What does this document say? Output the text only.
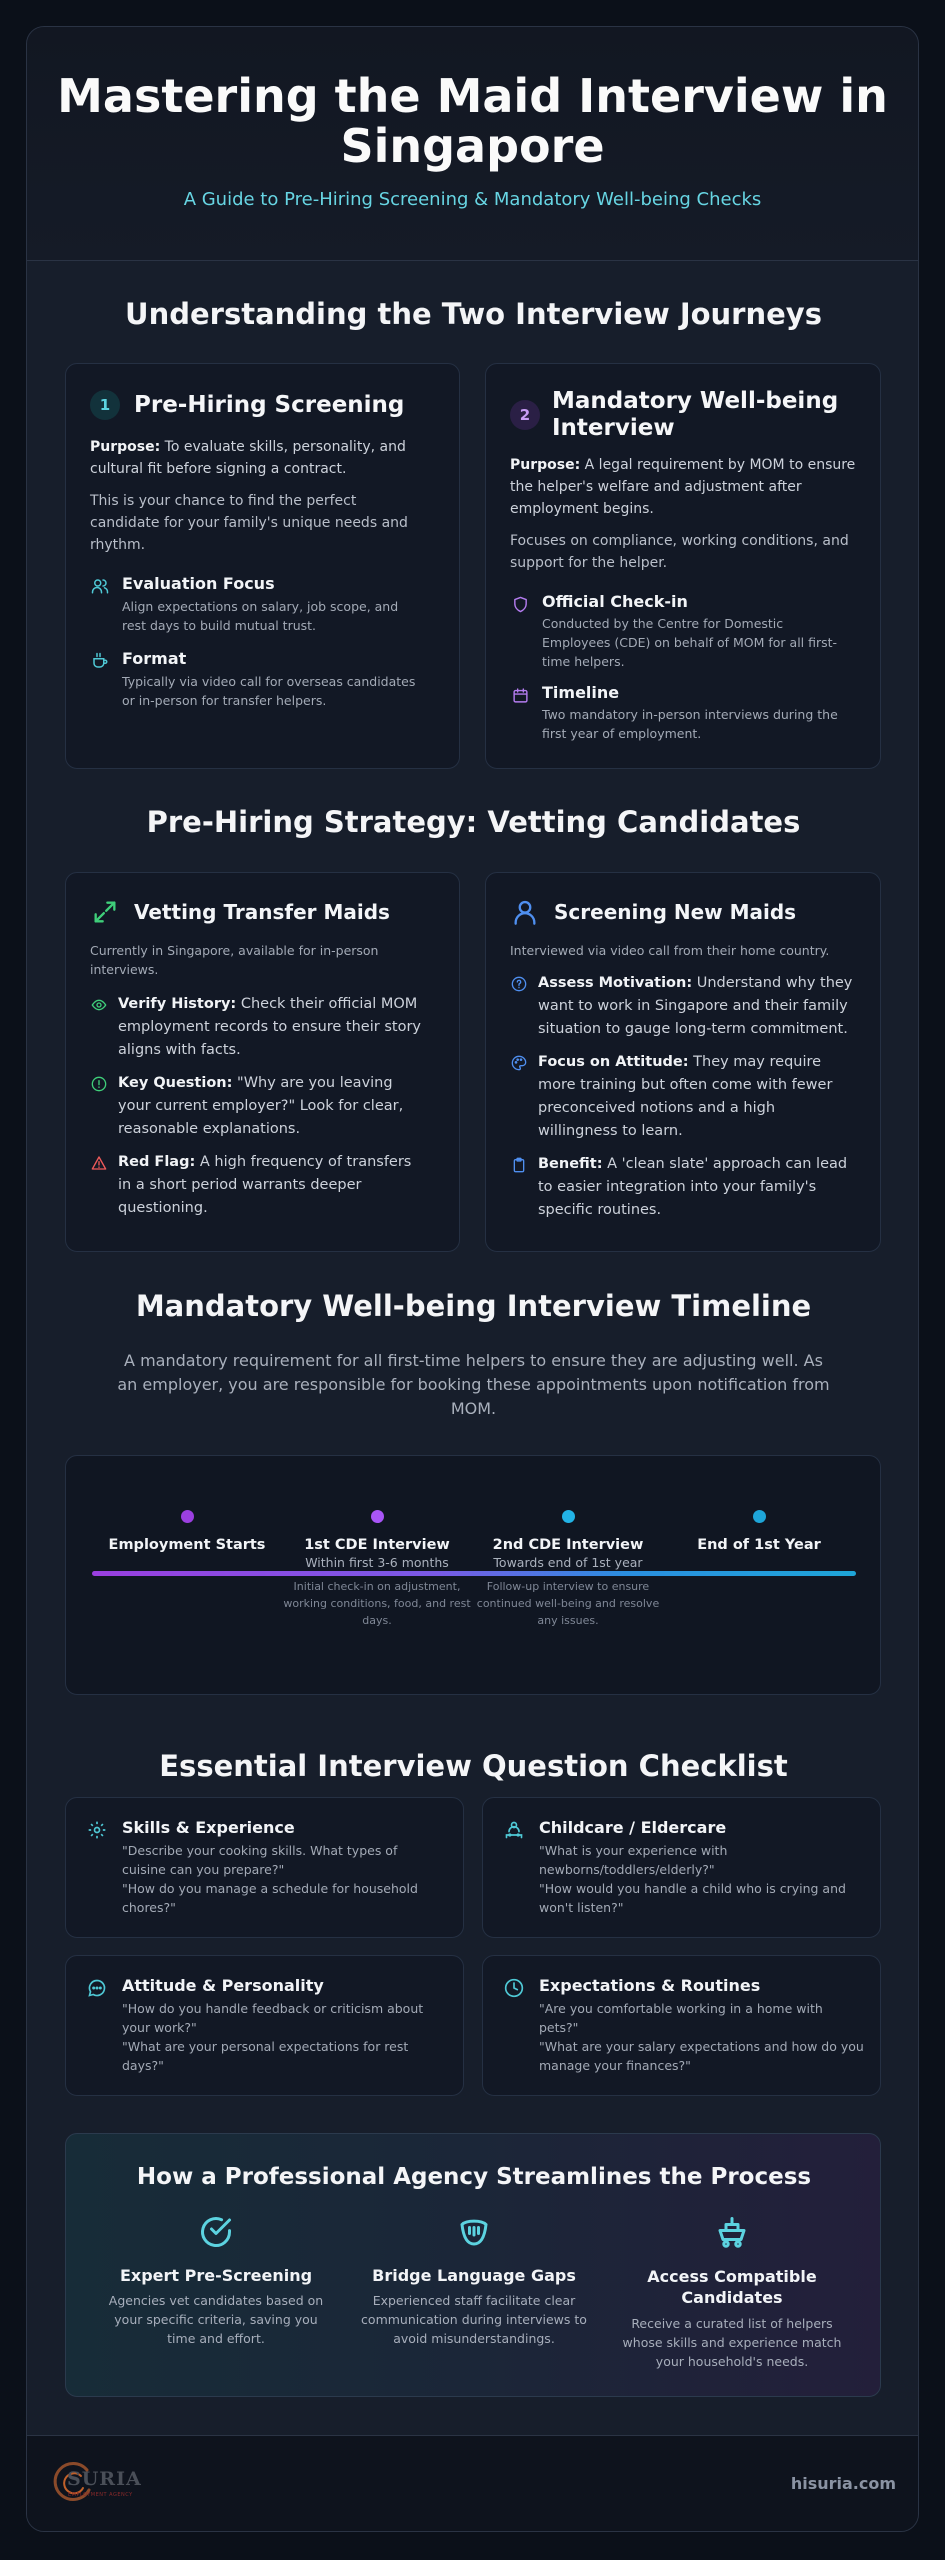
Mastering the Maid Interview in
Singapore

A Guide to Pre-Hiring Screening & Mandatory Well-being Checks

Understanding the Two Interview Journeys
1	Pre-Hiring Screening

Purpose: To evaluate skills, personality, and cultural fit before signing a contract.

This is your chance to find the perfect candidate for your family's unique needs and rhythm.

Evaluation Focus
Align expectations on salary, job scope, and rest days to build mutual trust.
Format
Typically via video call for overseas candidates or in-person for transfer helpers.
2
Mandatory Well-being
Interview

Purpose: A legal requirement by MOM to ensure the helper's welfare and adjustment after employment begins.

Focuses on compliance, working conditions, and support for the helper.

Official Check-in
Conducted by the Centre for Domestic Employees (CDE) on behalf of MOM for all first-time helpers.
Timeline
Two mandatory in-person interviews during the first year of employment.
Pre-Hiring Strategy: Vetting Candidates
Vetting Transfer Maids
Currently in Singapore, available for in-person interviews.

Verify History: Check their official MOM employment records to ensure their story aligns with facts.

Key Question: "Why are you leaving your current employer?" Look for clear, reasonable explanations.

Red Flag: A high frequency of transfers in a short period warrants deeper questioning.

Screening New Maids
Interviewed via video call from their home country.

Assess Motivation: Understand why they want to work in Singapore and their family situation to gauge long-term commitment.

Focus on Attitude: They may require more training but often come with fewer preconceived notions and a high willingness to learn.

Benefit: A 'clean slate' approach can lead to easier integration into your family's specific routines.

Mandatory Well-being Interview Timeline

A mandatory requirement for all first-time helpers to ensure they are adjusting well. As an employer, you are responsible for booking these appointments upon notification from MOM.

Employment Starts	1st CDE Interview
Within first 3-6 months
Initial check-in on adjustment, working conditions, food, and rest days.
2nd CDE Interview
Towards end of 1st year
Follow-up interview to ensure continued well-being and resolve any issues.
End of 1st Year
Essential Interview Question Checklist
Skills & Experience
"Describe your cooking skills. What types of cuisine can you prepare?"
"How do you manage a schedule for household chores?"
Childcare / Eldercare
"What is your experience with newborns/toddlers/elderly?"
"How would you handle a child who is crying and won't listen?"
Attitude & Personality
"How do you handle feedback or criticism about your work?"
"What are your personal expectations for rest days?"
Expectations & Routines
"Are you comfortable working in a home with pets?"
"What are your salary expectations and how do you manage your finances?"
How a Professional Agency Streamlines the Process
Expert Pre-Screening
Agencies vet candidates based on your specific criteria, saving you time and effort.
Bridge Language Gaps
Experienced staff facilitate clear communication during interviews to avoid misunderstandings.
Access Compatible Candidates
Receive a curated list of helpers whose skills and experience match your household's needs.
SURIA
EMPLOYMENT AGENCY
hisuria.com
